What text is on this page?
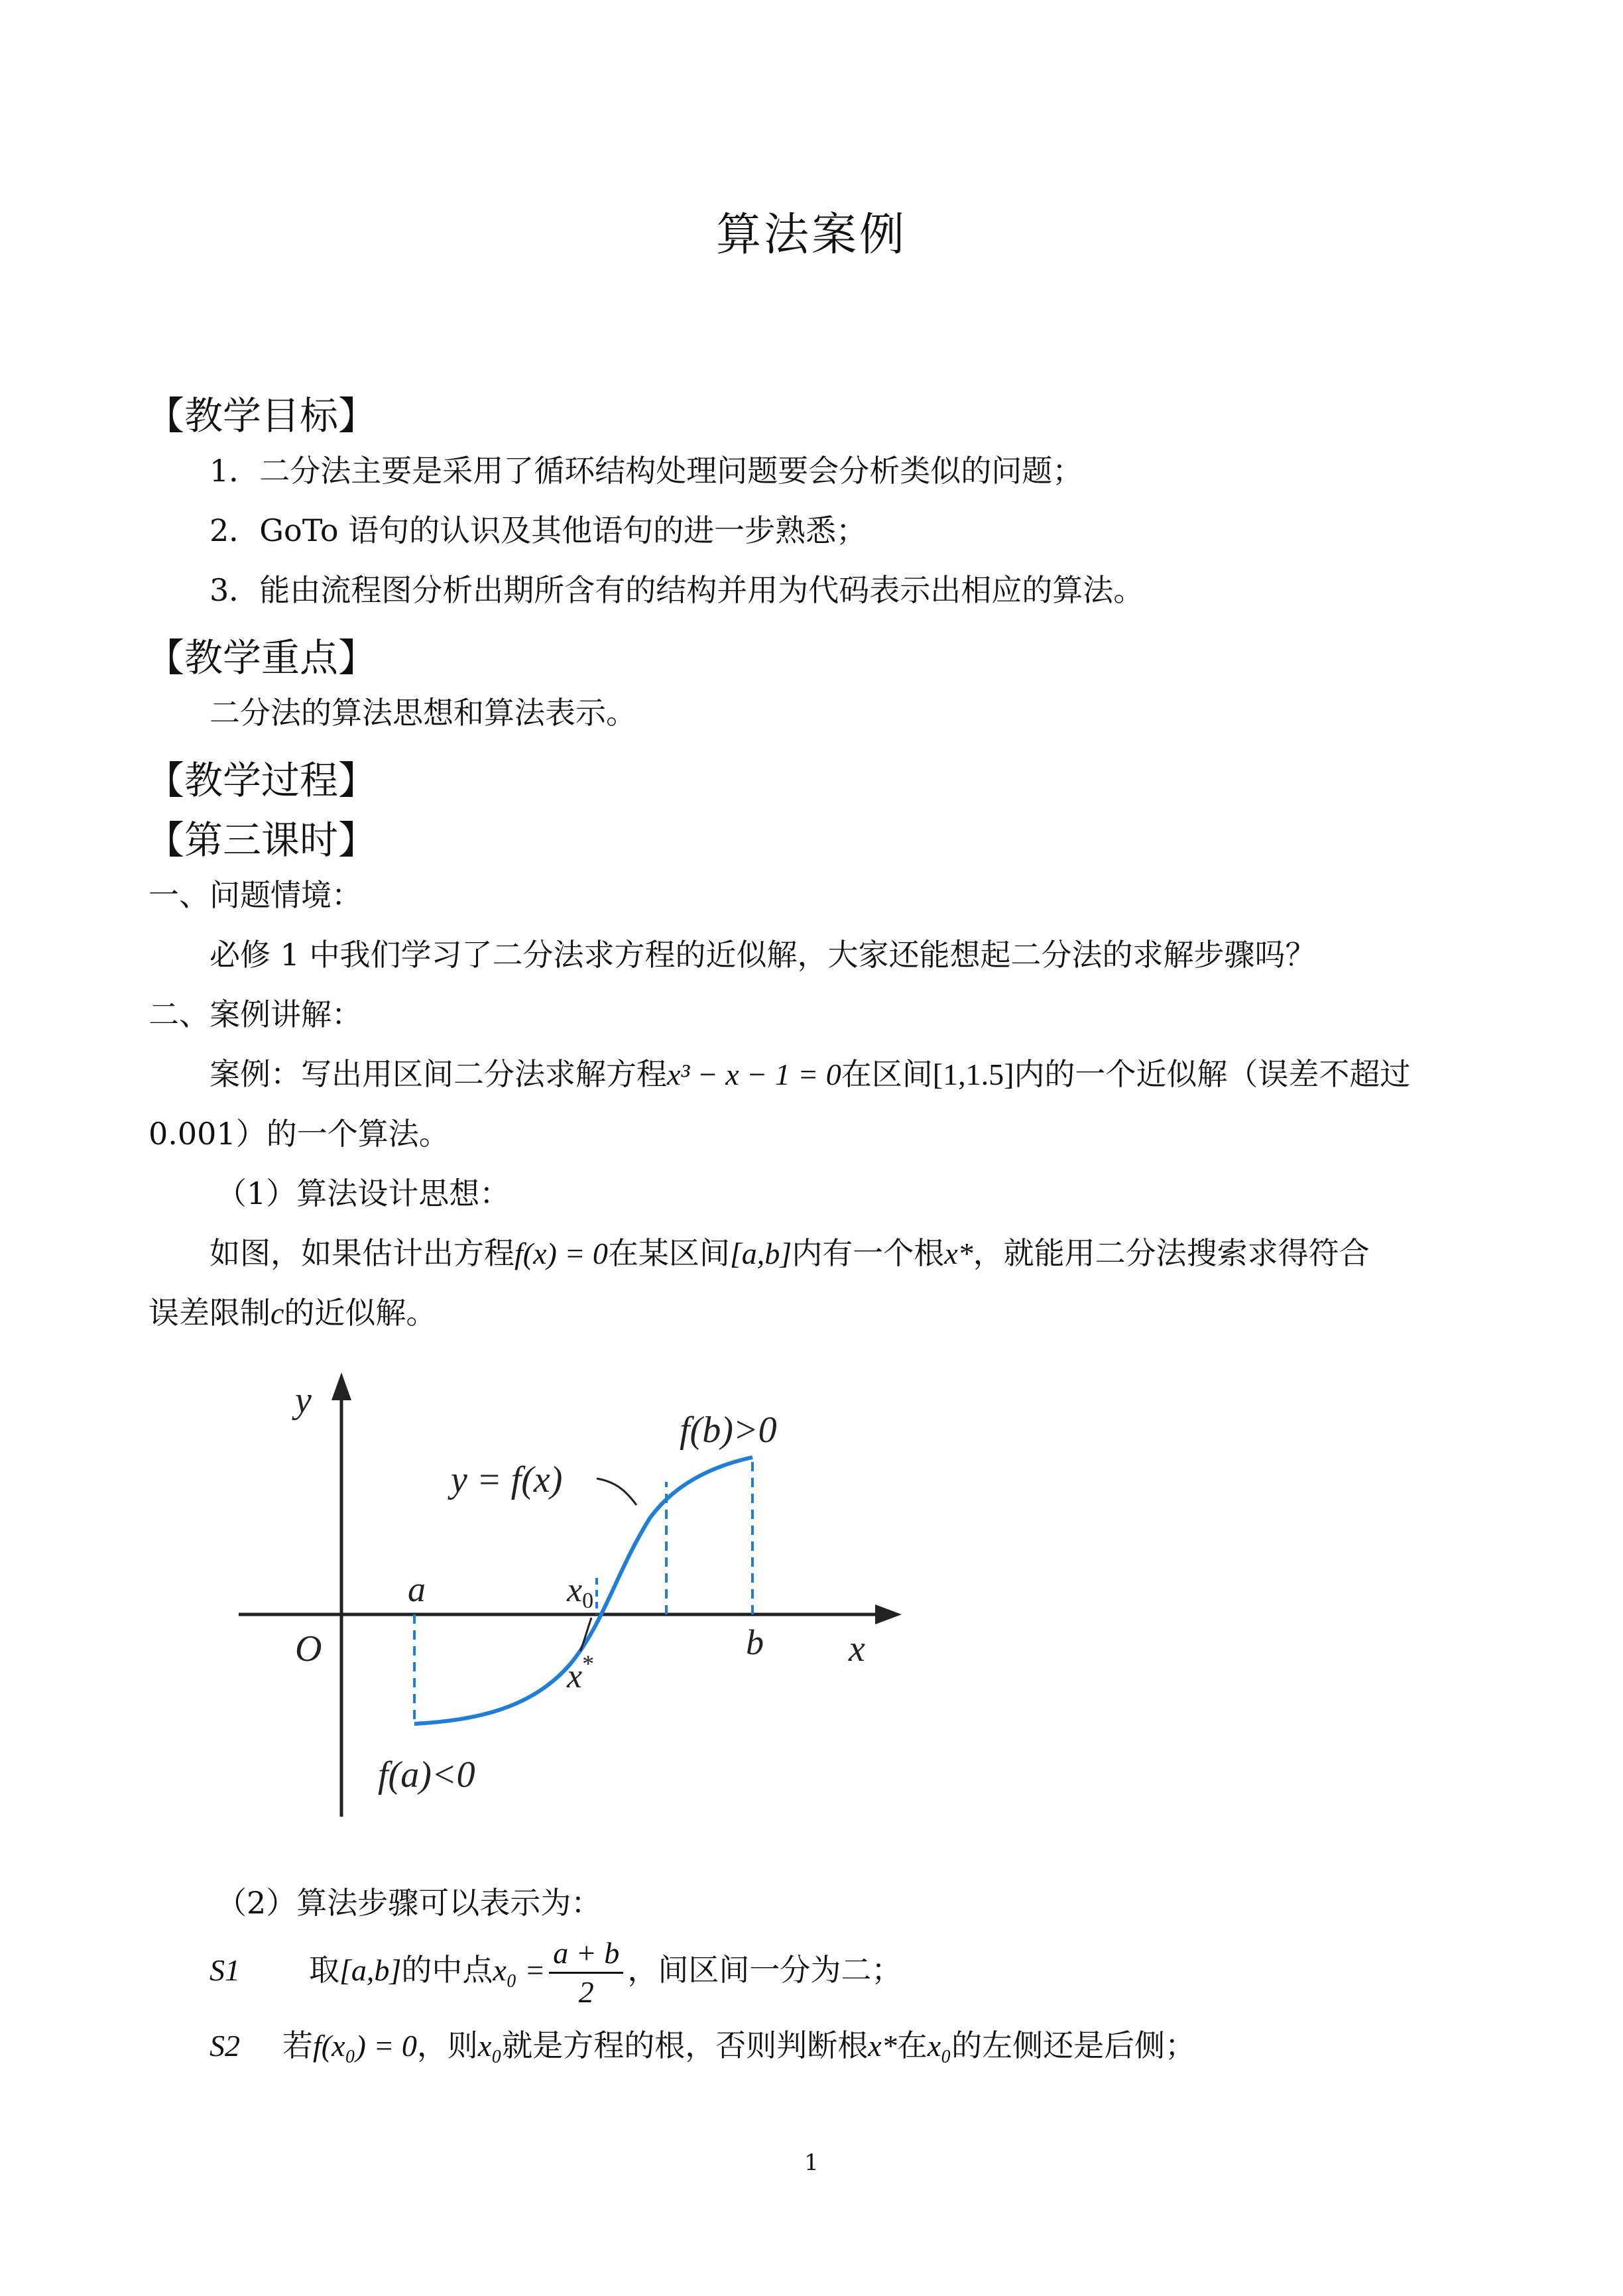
算法案例
【教学目标】
1．二分法主要是采用了循环结构处理问题要会分析类似的问题；
2．GoTo 语句的认识及其他语句的进一步熟悉；
3．能由流程图分析出期所含有的结构并用为代码表示出相应的算法。
【教学重点】
二分法的算法思想和算法表示。
【教学过程】
【第三课时】
一、问题情境：
必修 1 中我们学习了二分法求方程的近似解，大家还能想起二分法的求解步骤吗？
二、案例讲解：
案例：写出用区间二分法求解方程x³ − x − 1 = 0在区间[1,1.5]内的一个近似解（误差不超过
0.001）的一个算法。
（1）算法设计思想：
如图，如果估计出方程f(x) = 0在某区间[a,b]内有一个根x*，就能用二分法搜索求得符合
误差限制c的近似解。
y
x
O
a
b
x0
x*
y = f(x)
f(b)>0
f(a)<0
（2）算法步骤可以表示为：
S1 取[a,b]的中点$x_0 = \frac{a + b}{2}$ ，间区间一分为二；
S2 若f(x₀) = 0，则x₀就是方程的根，否则判断根x*在x₀的左侧还是后侧；
1
